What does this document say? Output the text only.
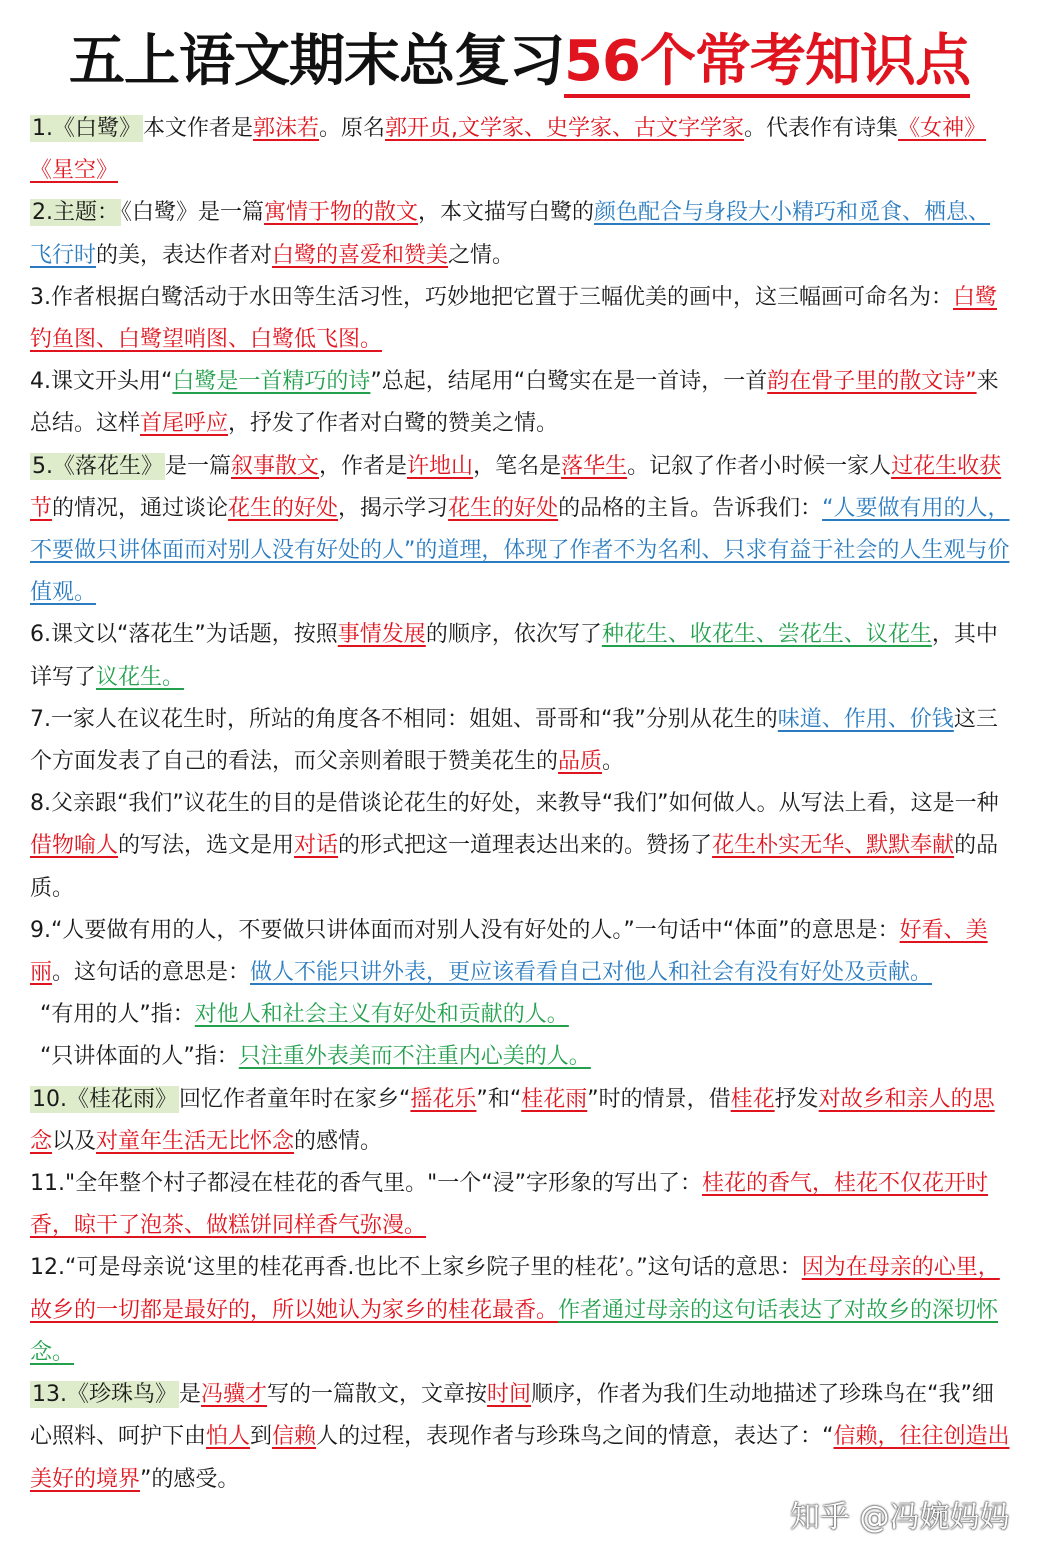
五上语文期末总复习56个常考知识点

1.《白鹭》本文作者是郭沫若。原名郭开贞,文学家、史学家、古文字学家。代表作有诗集《女神》《星空》

2.主题：《白鹭》是一篇寓情于物的散文，本文描写白鹭的颜色配合与身段大小精巧和觅食、栖息、飞行时的美，表达作者对白鹭的喜爱和赞美之情。

3.作者根据白鹭活动于水田等生活习性，巧妙地把它置于三幅优美的画中，这三幅画可命名为：白鹭钓鱼图、白鹭望哨图、白鹭低飞图。

4.课文开头用“白鹭是一首精巧的诗”总起，结尾用“白鹭实在是一首诗，一首韵在骨子里的散文诗”来总结。这样首尾呼应，抒发了作者对白鹭的赞美之情。

5.《落花生》是一篇叙事散文，作者是许地山，笔名是落华生。记叙了作者小时候一家人过花生收获节的情况，通过谈论花生的好处，揭示学习花生的好处的品格的主旨。告诉我们：“人要做有用的人，不要做只讲体面而对别人没有好处的人”的道理，体现了作者不为名利、只求有益于社会的人生观与价值观。

6.课文以“落花生”为话题，按照事情发展的顺序，依次写了种花生、收花生、尝花生、议花生，其中详写了议花生。

7.一家人在议花生时，所站的角度各不相同：姐姐、哥哥和“我”分别从花生的味道、作用、价钱这三个方面发表了自己的看法，而父亲则着眼于赞美花生的品质。

8.父亲跟“我们”议花生的目的是借谈论花生的好处，来教导“我们”如何做人。从写法上看，这是一种借物喻人的写法，选文是用对话的形式把这一道理表达出来的。赞扬了花生朴实无华、默默奉献的品质。

9.“人要做有用的人，不要做只讲体面而对别人没有好处的人。”一句话中“体面”的意思是：好看、美丽。这句话的意思是：做人不能只讲外表，更应该看看自己对他人和社会有没有好处及贡献。

“有用的人”指：对他人和社会主义有好处和贡献的人。

“只讲体面的人”指：只注重外表美而不注重内心美的人。

10.《桂花雨》回忆作者童年时在家乡“摇花乐”和“桂花雨”时的情景，借桂花抒发对故乡和亲人的思念以及对童年生活无比怀念的感情。

11."全年整个村子都浸在桂花的香气里。"一个“浸”字形象的写出了：桂花的香气，桂花不仅花开时香，晾干了泡茶、做糕饼同样香气弥漫。

12.“可是母亲说‘这里的桂花再香.也比不上家乡院子里的桂花’。”这句话的意思：因为在母亲的心里，故乡的一切都是最好的，所以她认为家乡的桂花最香。作者通过母亲的这句话表达了对故乡的深切怀念。

13.《珍珠鸟》是冯骥才写的一篇散文，文章按时间顺序，作者为我们生动地描述了珍珠鸟在“我”细心照料、呵护下由怕人到信赖人的过程，表现作者与珍珠鸟之间的情意，表达了：“信赖，往往创造出美好的境界”的感受。

知乎 @冯婉妈妈
